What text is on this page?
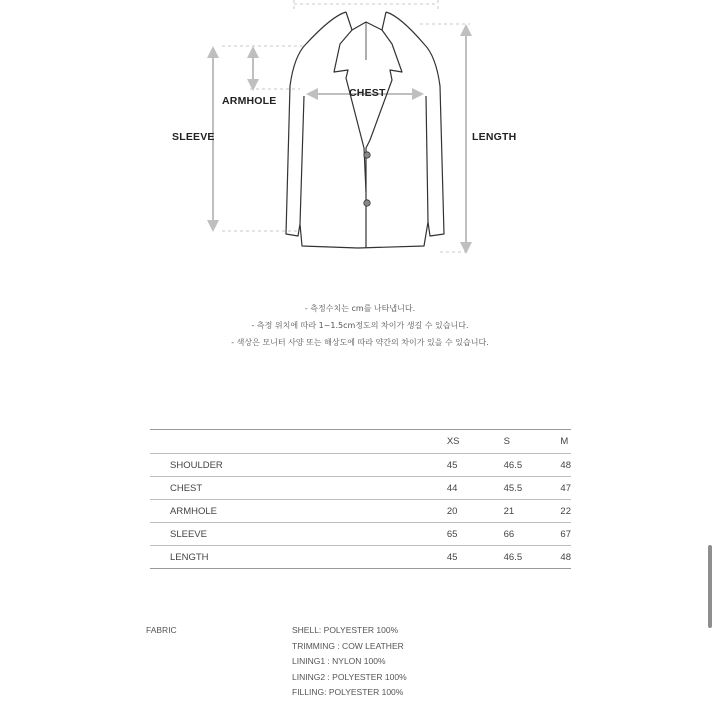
ARMHOLE
CHEST
SLEEVE	LENGTH
- 측정수치는 cm를 나타냅니다.
- 측정 위치에 따라 1~1.5cm정도의 차이가 생길 수 있습니다.
- 색상은 모니터 사양 또는 해상도에 따라 약간의 차이가 있을 수 있습니다.
	XS	S	M
SHOULDER	45	46.5	48
CHEST	44	45.5	47
ARMHOLE	20	21	22
SLEEVE	65	66	67
LENGTH	45	46.5	48
FABRIC	SHELL: POLYESTER 100%
TRIMMING : COW LEATHER
LINING1 : NYLON 100%
LINING2 : POLYESTER 100%
FILLING: POLYESTER 100%
